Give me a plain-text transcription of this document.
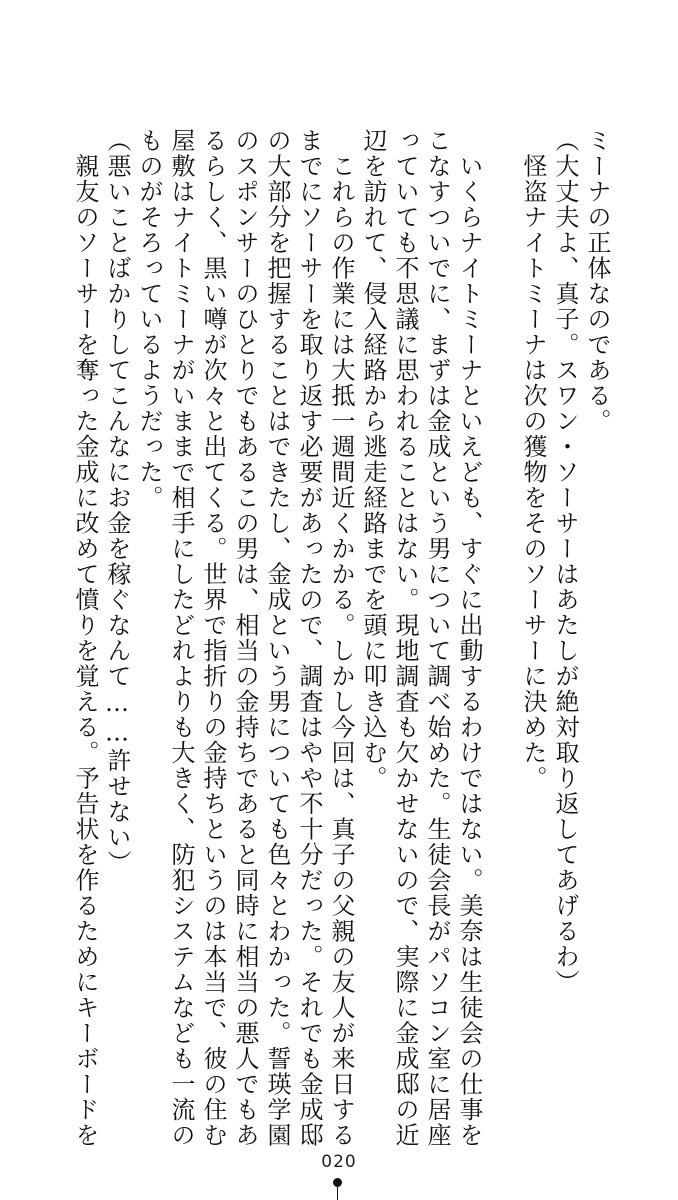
ミーナの正体なのである。
（大丈夫よ、真子。スワン・ソーサーはあたしが絶対取り返してあげるわ）
　怪盗ナイトミーナは次の獲物をそのソーサーに決めた。
　いくらナイトミーナといえども、すぐに出動するわけではない。美奈は生徒会の仕事を
こなすついでに、まずは金成という男について調べ始めた。生徒会長がパソコン室に居座
っていても不思議に思われることはない。現地調査も欠かせないので、実際に金成邸の近
辺を訪れて、侵入経路から逃走経路までを頭に叩き込む。
　これらの作業には大抵一週間近くかかる。しかし今回は、真子の父親の友人が来日する
までにソーサーを取り返す必要があったので、調査はやや不十分だった。それでも金成邸
の大部分を把握することはできたし、金成という男についても色々とわかった。誓瑛学園
のスポンサーのひとりでもあるこの男は、相当の金持ちであると同時に相当の悪人でもあ
るらしく、黒い噂が次々と出てくる。世界で指折りの金持ちというのは本当で、彼の住む
屋敷はナイトミーナがいままで相手にしたどれよりも大きく、防犯システムなども一流の
ものがそろっているようだった。
（悪いことばかりしてこんなにお金を稼ぐなんて……許せない）
　親友のソーサーを奪った金成に改めて憤りを覚える。予告状を作るためにキーボードを
020
